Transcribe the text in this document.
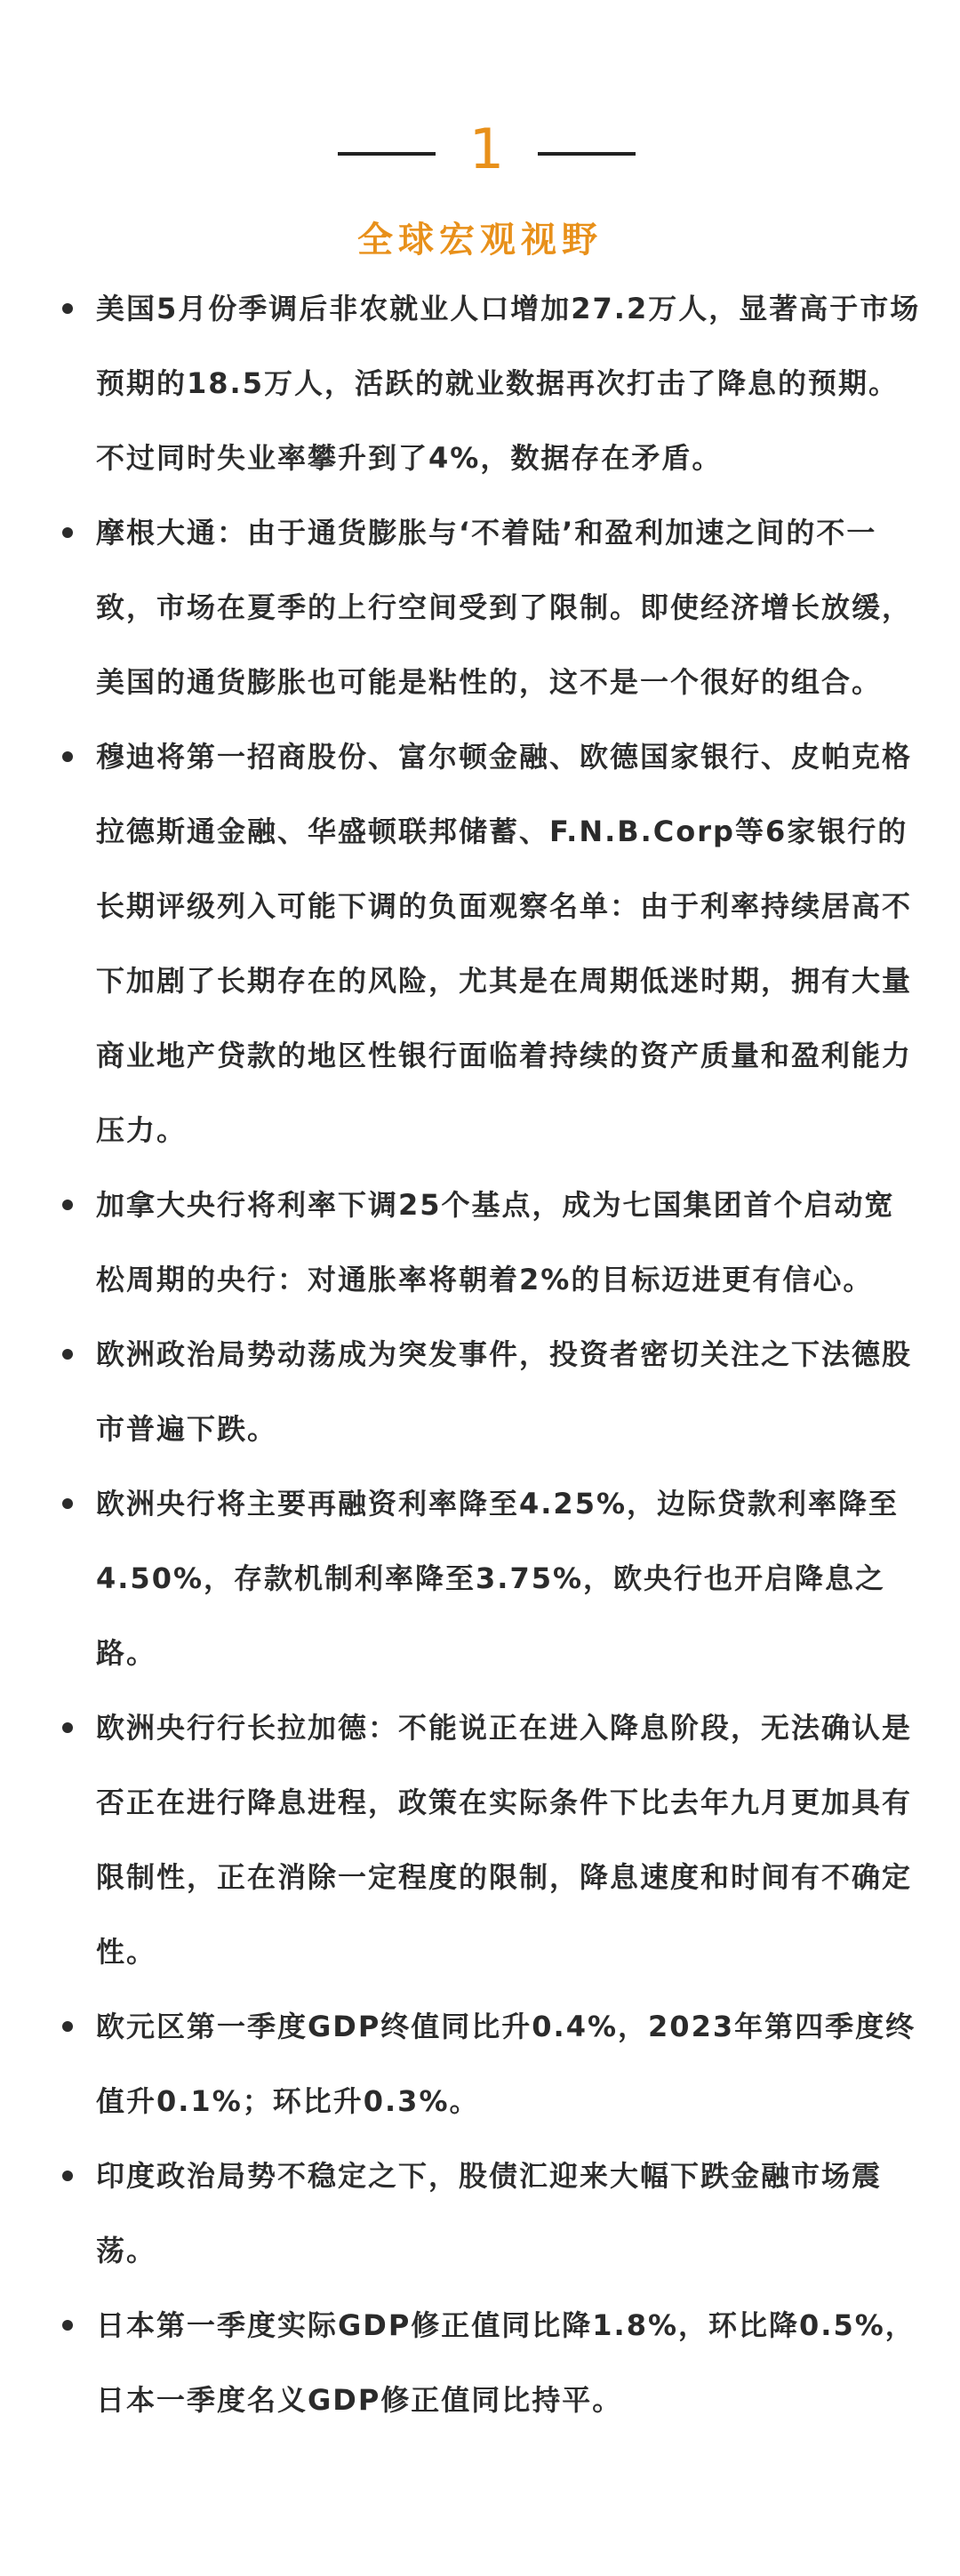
1
全球宏观视野
美国5月份季调后非农就业人口增加27.2万人，显著高于市场预期的18.5万人，活跃的就业数据再次打击了降息的预期。不过同时失业率攀升到了4%，数据存在矛盾。
摩根大通：由于通货膨胀与‘不着陆’和盈利加速之间的不一致，市场在夏季的上行空间受到了限制。即使经济增长放缓，美国的通货膨胀也可能是粘性的，这不是一个很好的组合。
穆迪将第一招商股份、富尔顿金融、欧德国家银行、皮帕克格拉德斯通金融、华盛顿联邦储蓄、F.N.B.Corp等6家银行的长期评级列入可能下调的负面观察名单：由于利率持续居高不下加剧了长期存在的风险，尤其是在周期低迷时期，拥有大量商业地产贷款的地区性银行面临着持续的资产质量和盈利能力压力。
加拿大央行将利率下调25个基点，成为七国集团首个启动宽松周期的央行：对通胀率将朝着2%的目标迈进更有信心。
欧洲政治局势动荡成为突发事件，投资者密切关注之下法德股市普遍下跌。
欧洲央行将主要再融资利率降至4.25%，边际贷款利率降至4.50%，存款机制利率降至3.75%，欧央行也开启降息之路。
欧洲央行行长拉加德：不能说正在进入降息阶段，无法确认是否正在进行降息进程，政策在实际条件下比去年九月更加具有限制性，正在消除一定程度的限制，降息速度和时间有不确定性。
欧元区第一季度GDP终值同比升0.4%，2023年第四季度终值升0.1%；环比升0.3%。
印度政治局势不稳定之下，股债汇迎来大幅下跌金融市场震荡。
日本第一季度实际GDP修正值同比降1.8%，环比降0.5%，日本一季度名义GDP修正值同比持平。
